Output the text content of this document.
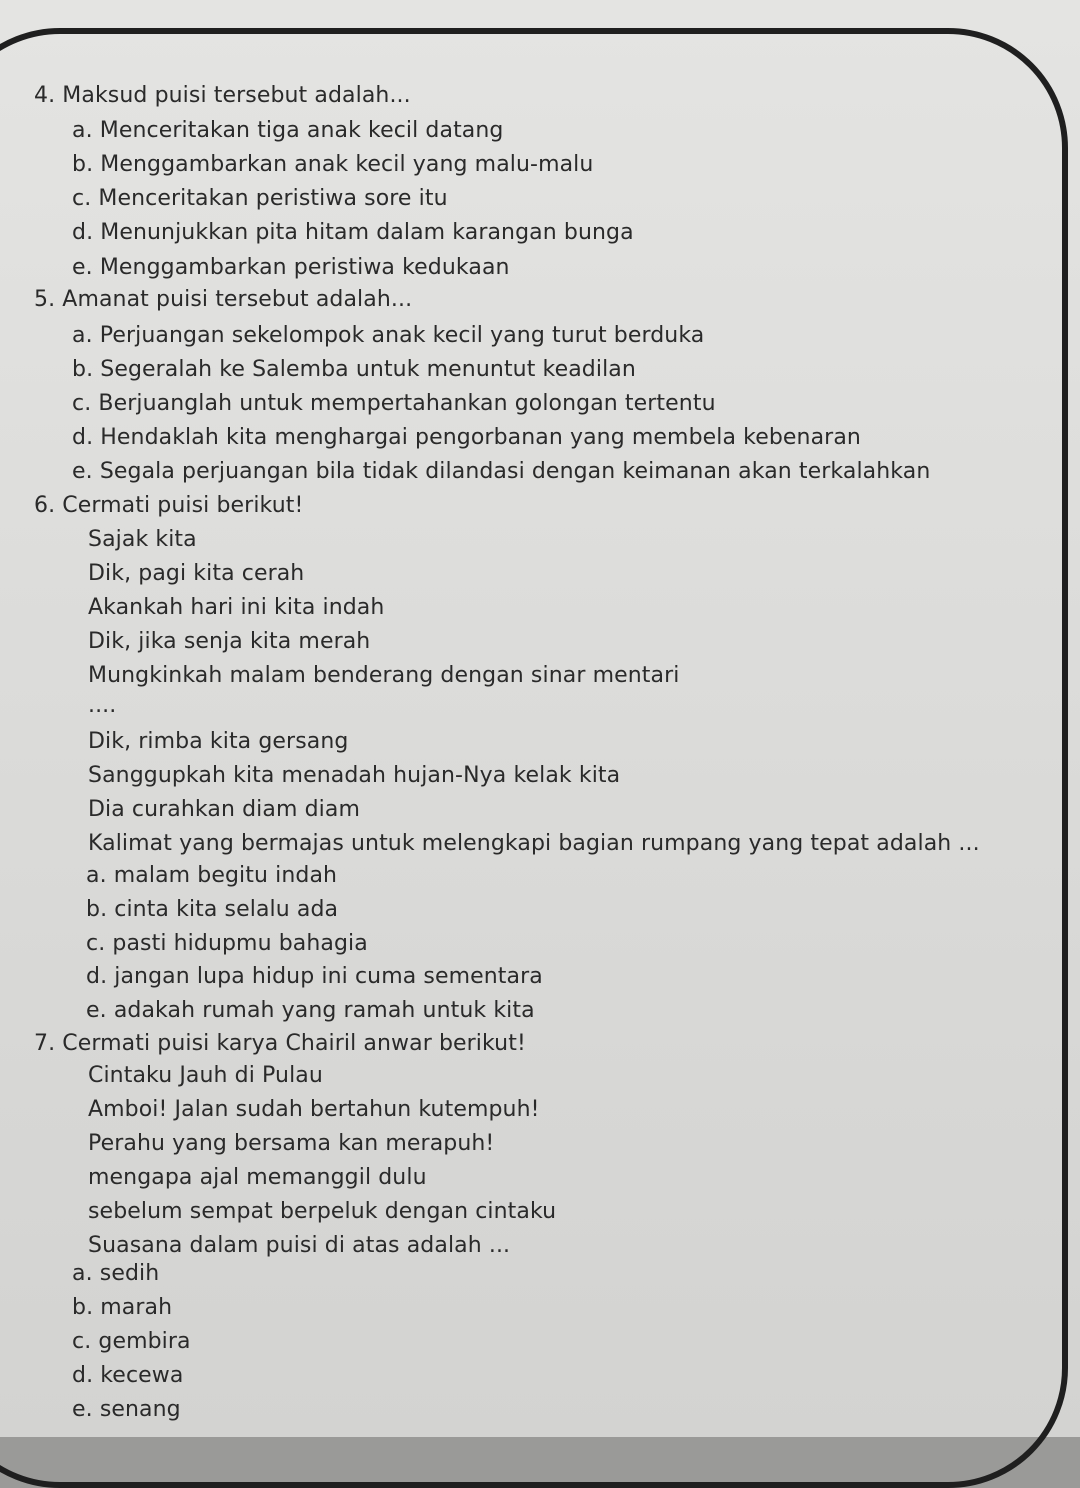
4. Maksud puisi tersebut adalah...
a. Menceritakan tiga anak kecil datang
b. Menggambarkan anak kecil yang malu-malu
c. Menceritakan peristiwa sore itu
d. Menunjukkan pita hitam dalam karangan bunga
e. Menggambarkan peristiwa kedukaan
5. Amanat puisi tersebut adalah...
a. Perjuangan sekelompok anak kecil yang turut berduka
b. Segeralah ke Salemba untuk menuntut keadilan
c. Berjuanglah untuk mempertahankan golongan tertentu
d. Hendaklah kita menghargai pengorbanan yang membela kebenaran
e. Segala perjuangan bila tidak dilandasi dengan keimanan akan terkalahkan
6. Cermati puisi berikut!
Sajak kita
Dik, pagi kita cerah
Akankah hari ini kita indah
Dik, jika senja kita merah
Mungkinkah malam benderang dengan sinar mentari
....
Dik, rimba kita gersang
Sanggupkah kita menadah hujan-Nya kelak kita
Dia curahkan diam diam
Kalimat yang bermajas untuk melengkapi bagian rumpang yang tepat adalah ...
a. malam begitu indah
b. cinta kita selalu ada
c. pasti hidupmu bahagia
d. jangan lupa hidup ini cuma sementara
e. adakah rumah yang ramah untuk kita
7. Cermati puisi karya Chairil anwar berikut!
Cintaku Jauh di Pulau
Amboi! Jalan sudah bertahun kutempuh!
Perahu yang bersama kan merapuh!
mengapa ajal memanggil dulu
sebelum sempat berpeluk dengan cintaku
Suasana dalam puisi di atas adalah ...
a. sedih
b. marah
c. gembira
d. kecewa
e. senang
